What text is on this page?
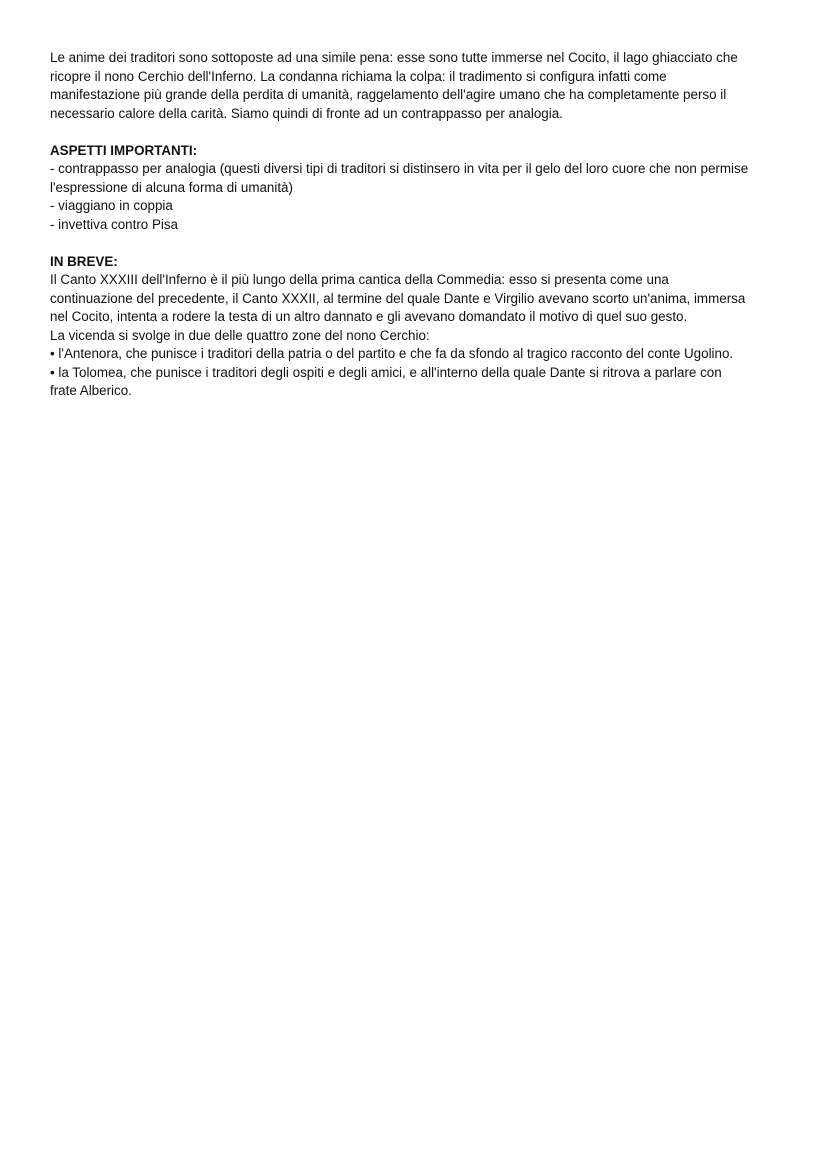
Le anime dei traditori sono sottoposte ad una simile pena: esse sono tutte immerse nel Cocito, il lago ghiacciato che
ricopre il nono Cerchio dell'Inferno. La condanna richiama la colpa: il tradimento si configura infatti come
manifestazione più grande della perdita di umanità, raggelamento dell'agire umano che ha completamente perso il
necessario calore della carità. Siamo quindi di fronte ad un contrappasso per analogia.

ASPETTI IMPORTANTI:

- contrappasso per analogia (questi diversi tipi di traditori si distinsero in vita per il gelo del loro cuore che non permise
l'espressione di alcuna forma di umanità)
- viaggiano in coppia
- invettiva contro Pisa

IN BREVE:

Il Canto XXXIII dell'Inferno è il più lungo della prima cantica della Commedia: esso si presenta come una
continuazione del precedente, il Canto XXXII, al termine del quale Dante e Virgilio avevano scorto un'anima, immersa
nel Cocito, intenta a rodere la testa di un altro dannato e gli avevano domandato il motivo di quel suo gesto.
La vicenda si svolge in due delle quattro zone del nono Cerchio:
• l'Antenora, che punisce i traditori della patria o del partito e che fa da sfondo al tragico racconto del conte Ugolino.
• la Tolomea, che punisce i traditori degli ospiti e degli amici, e all'interno della quale Dante si ritrova a parlare con
frate Alberico.
